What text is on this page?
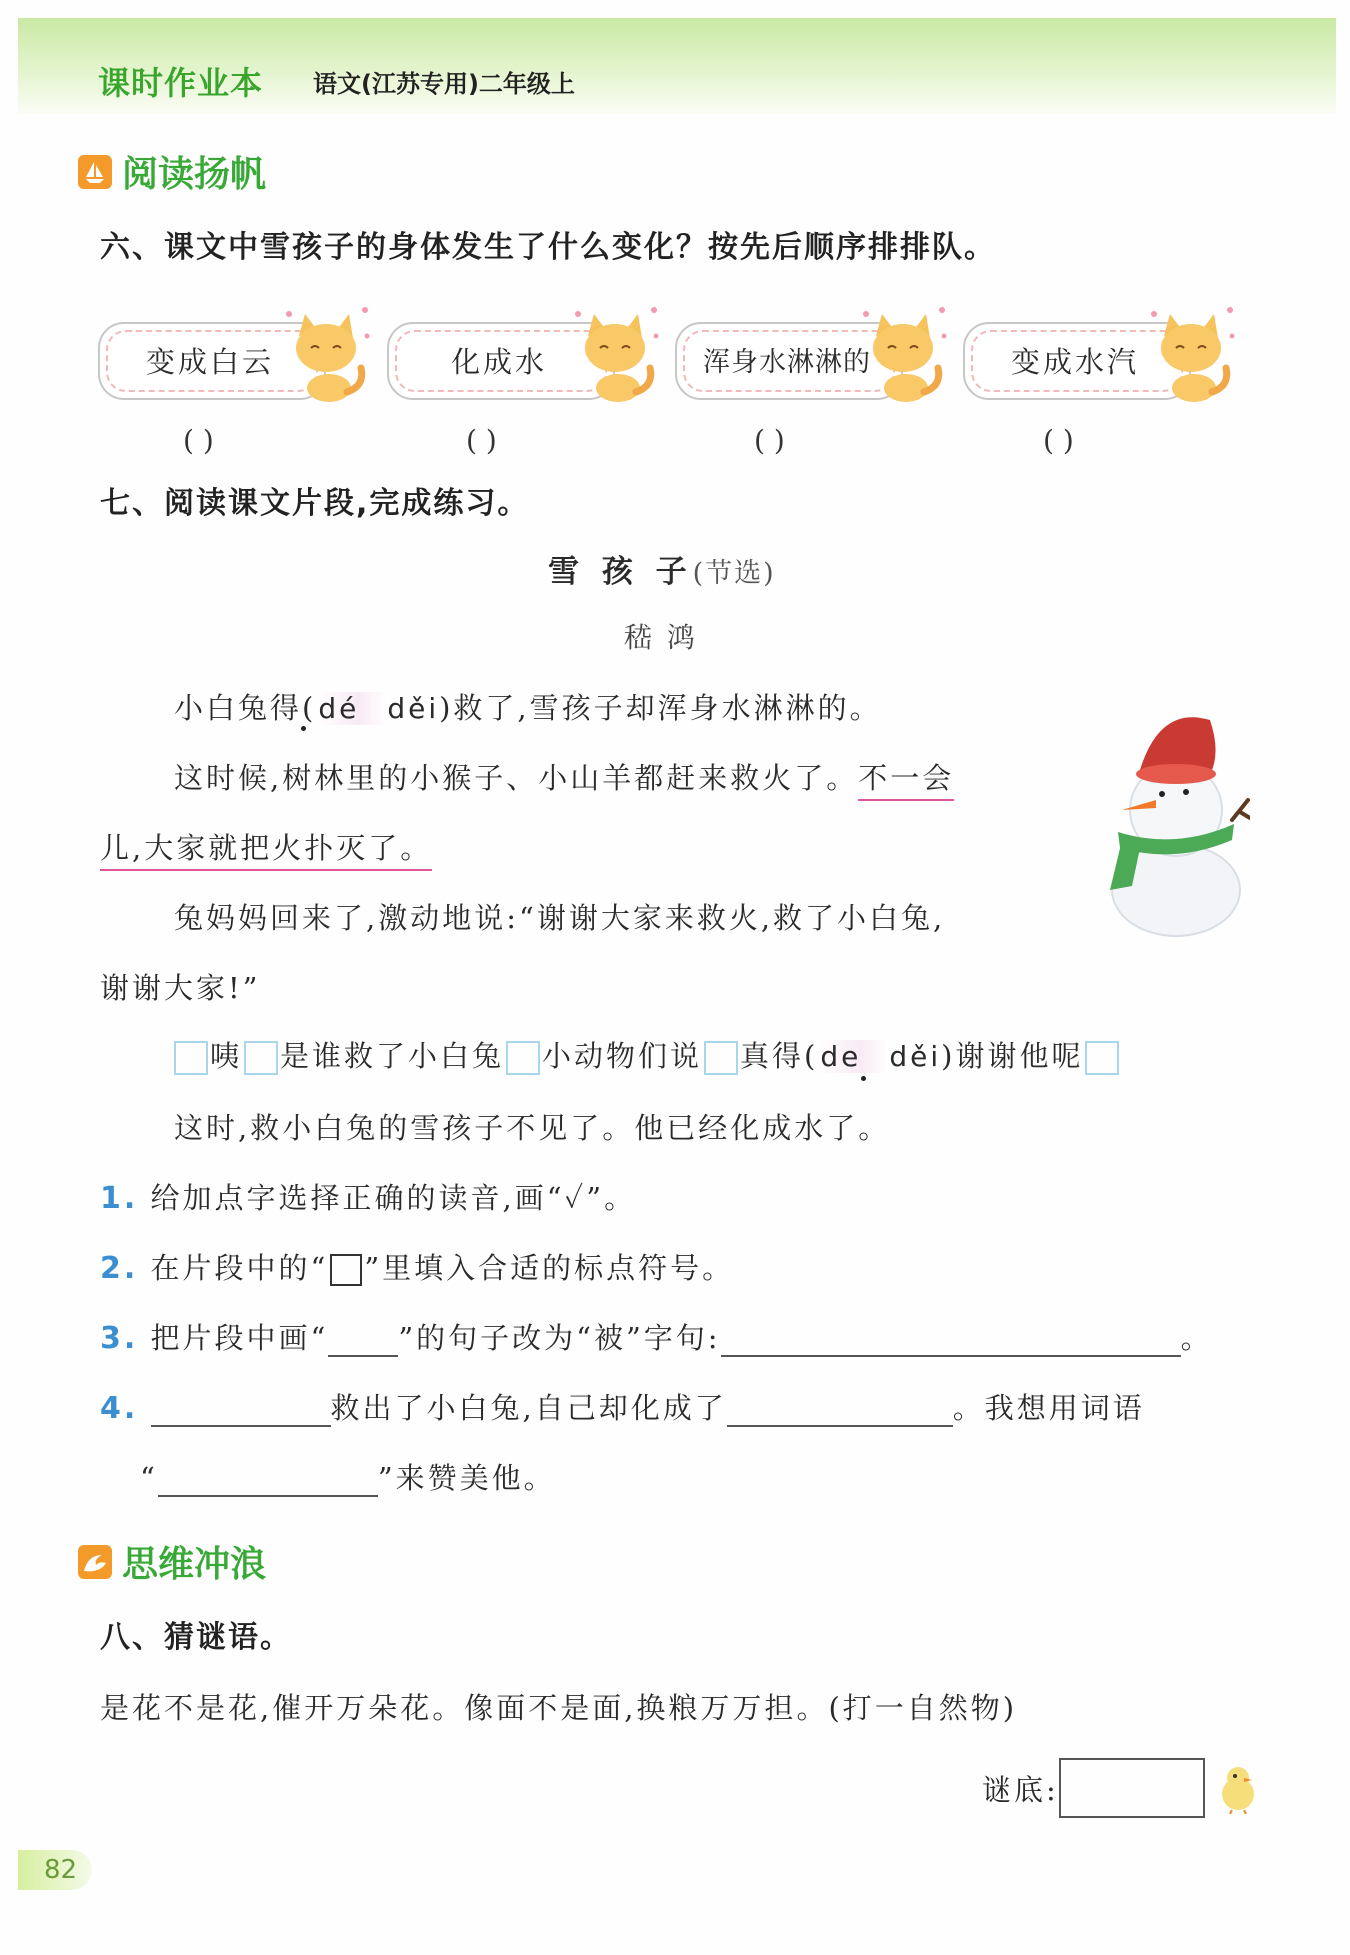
课时作业本 语文(江苏专用)二年级上
阅读扬帆
六、课文中雪孩子的身体发生了什么变化？按先后顺序排排队。
变成白云	化成水	浑身水淋淋的	变成水汽
( )	( )	( )	( )
七、阅读课文片段,完成练习。
雪 孩 子(节选)
嵇 鸿
小白兔得(dé děi)救了,雪孩子却浑身水淋淋的。
这时候,树林里的小猴子、小山羊都赶来救火了。不一会
儿,大家就把火扑灭了。
兔妈妈回来了,激动地说:“谢谢大家来救火,救了小白兔,
谢谢大家!”
咦 是谁救了小白兔 小动物们说 真得(de děi)谢谢他呢
这时,救小白兔的雪孩子不见了。他已经化成水了。
1. 给加点字选择正确的读音,画“✓”。
2. 在片段中的“ ”里填入合适的标点符号。
3. 把片段中画“ ”的句子改为“被”字句:	。
4.	救出了小白兔,自己却化成了	。我想用词语
“	”来赞美他。
思维冲浪
八、猜谜语。
是花不是花,催开万朵花。像面不是面,换粮万万担。(打一自然物)
谜底:
82
